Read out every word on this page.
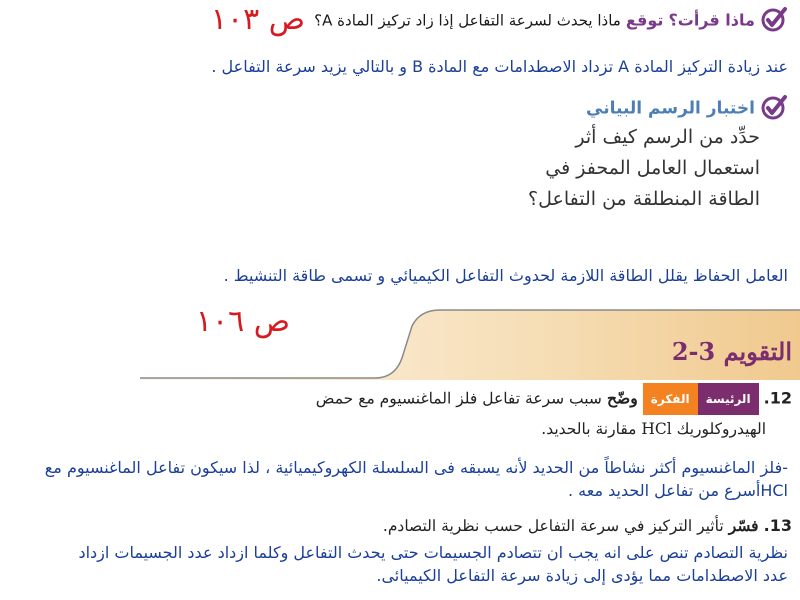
ماذا قرأت؟ توقع ماذا يحدث لسرعة التفاعل إذا زاد تركيز المادة A؟
ص ١٠٣
عند زيادة التركيز المادة A تزداد الاصطدامات مع المادة B و بالتالي يزيد سرعة التفاعل .
اختبار الرسم البياني
حدِّد من الرسم كيف أثر
استعمال العامل المحفز في
الطاقة المنطلقة من التفاعل؟
العامل الحفاظ يقلل الطاقة اللازمة لحدوث التفاعل الكيميائي و تسمى طاقة التنشيط .
ص ١٠٦
التقويم 3-2
12. الرئيسةالفكرة وضّح سبب سرعة تفاعل فلز الماغنسيوم مع حمض
الهيدروكلوريك HCl مقارنة بالحديد.
-فلز الماغنسيوم أكثر نشاطاً من الحديد لأنه يسبقه فى السلسلة الكهروكيميائية ، لذا سيكون تفاعل الماغنسيوم مع
HClأسرع من تفاعل الحديد معه .
13. فسّر تأثير التركيز في سرعة التفاعل حسب نظرية التصادم.
نظرية التصادم تنص على انه يجب ان تتصادم الجسيمات حتى يحدث التفاعل وكلما ازداد عدد الجسيمات ازداد
عدد الاصطدامات مما يؤدى إلى زيادة سرعة التفاعل الكيميائى.
